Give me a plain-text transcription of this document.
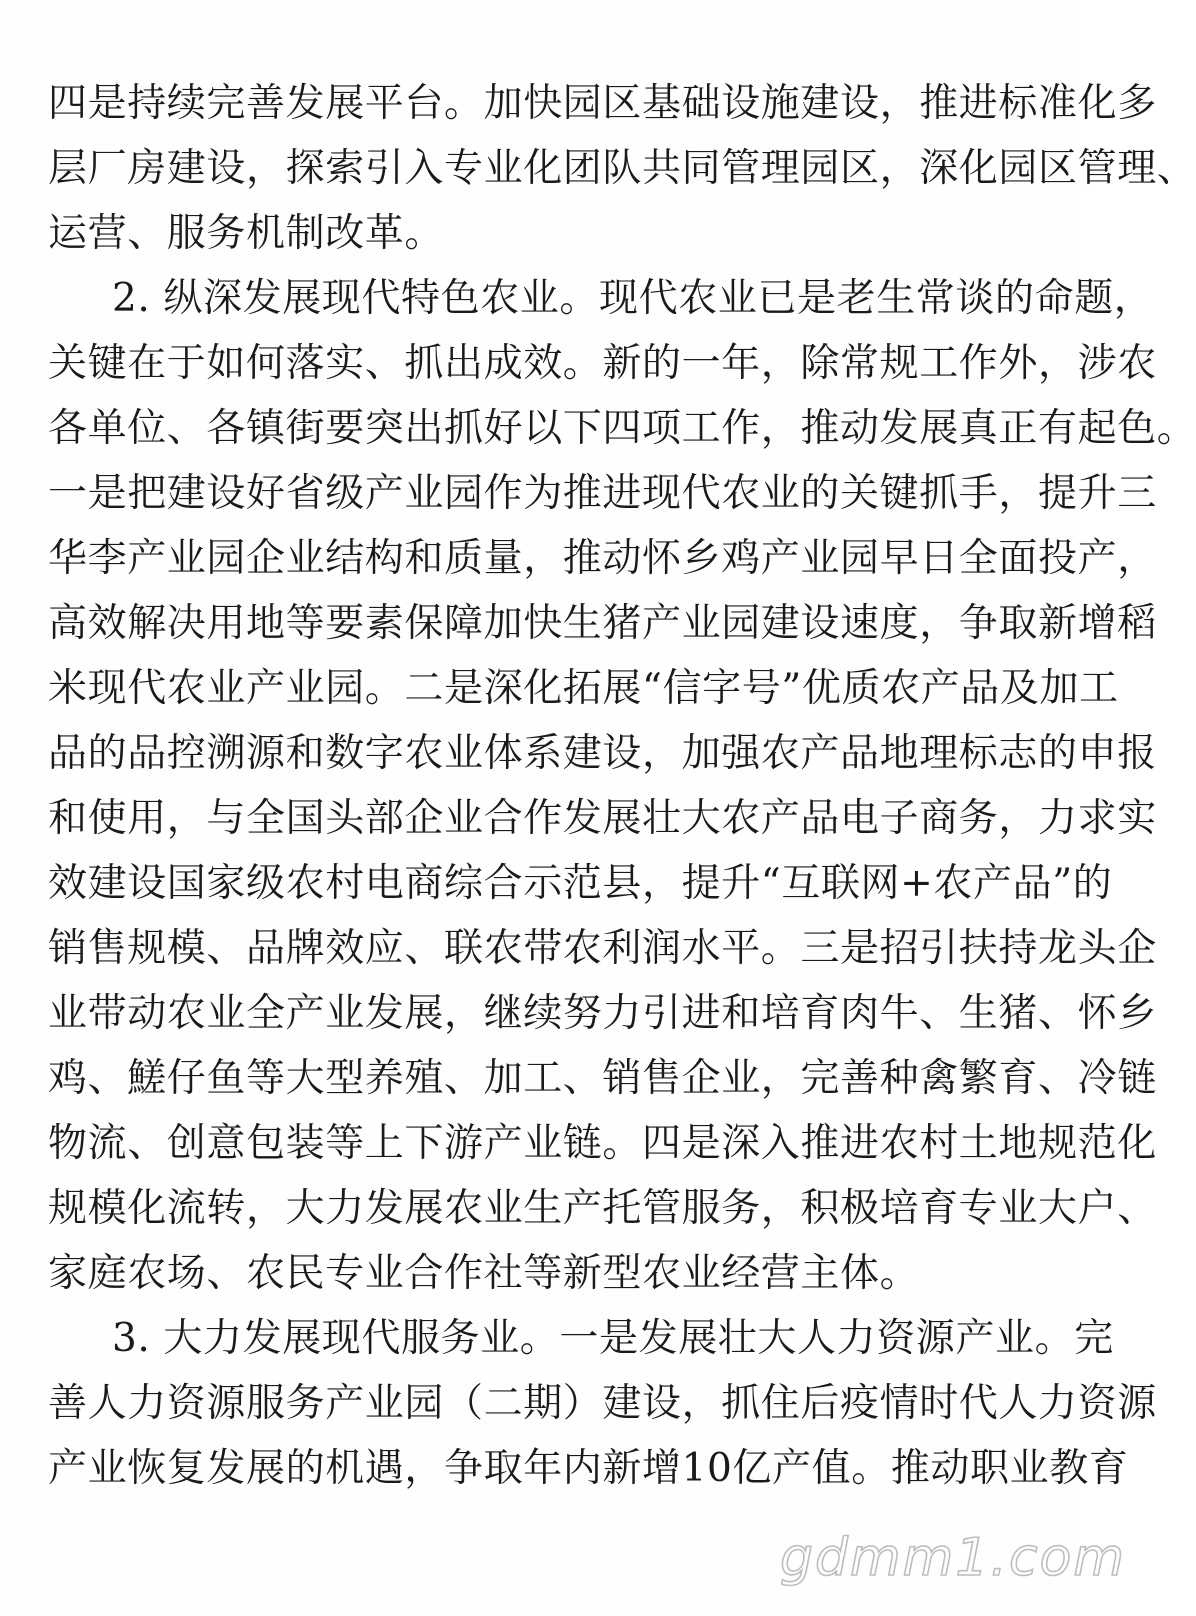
四是持续完善发展平台。加快园区基础设施建设，推进标准化多
层厂房建设，探索引入专业化团队共同管理园区，深化园区管理、
运营、服务机制改革。
2. 纵深发展现代特色农业。现代农业已是老生常谈的命题，
关键在于如何落实、抓出成效。新的一年，除常规工作外，涉农
各单位、各镇街要突出抓好以下四项工作，推动发展真正有起色。
一是把建设好省级产业园作为推进现代农业的关键抓手，提升三
华李产业园企业结构和质量，推动怀乡鸡产业园早日全面投产，
高效解决用地等要素保障加快生猪产业园建设速度，争取新增稻
米现代农业产业园。二是深化拓展“信字号”优质农产品及加工
品的品控溯源和数字农业体系建设，加强农产品地理标志的申报
和使用，与全国头部企业合作发展壮大农产品电子商务，力求实
效建设国家级农村电商综合示范县，提升“互联网+农产品”的
销售规模、品牌效应、联农带农利润水平。三是招引扶持龙头企
业带动农业全产业发展，继续努力引进和培育肉牛、生猪、怀乡
鸡、䱹仔鱼等大型养殖、加工、销售企业，完善种禽繁育、冷链
物流、创意包装等上下游产业链。四是深入推进农村土地规范化
规模化流转，大力发展农业生产托管服务，积极培育专业大户、
家庭农场、农民专业合作社等新型农业经营主体。
3. 大力发展现代服务业。一是发展壮大人力资源产业。完
善人力资源服务产业园（二期）建设，抓住后疫情时代人力资源
产业恢复发展的机遇，争取年内新增10亿产值。推动职业教育
gdmm1.com
